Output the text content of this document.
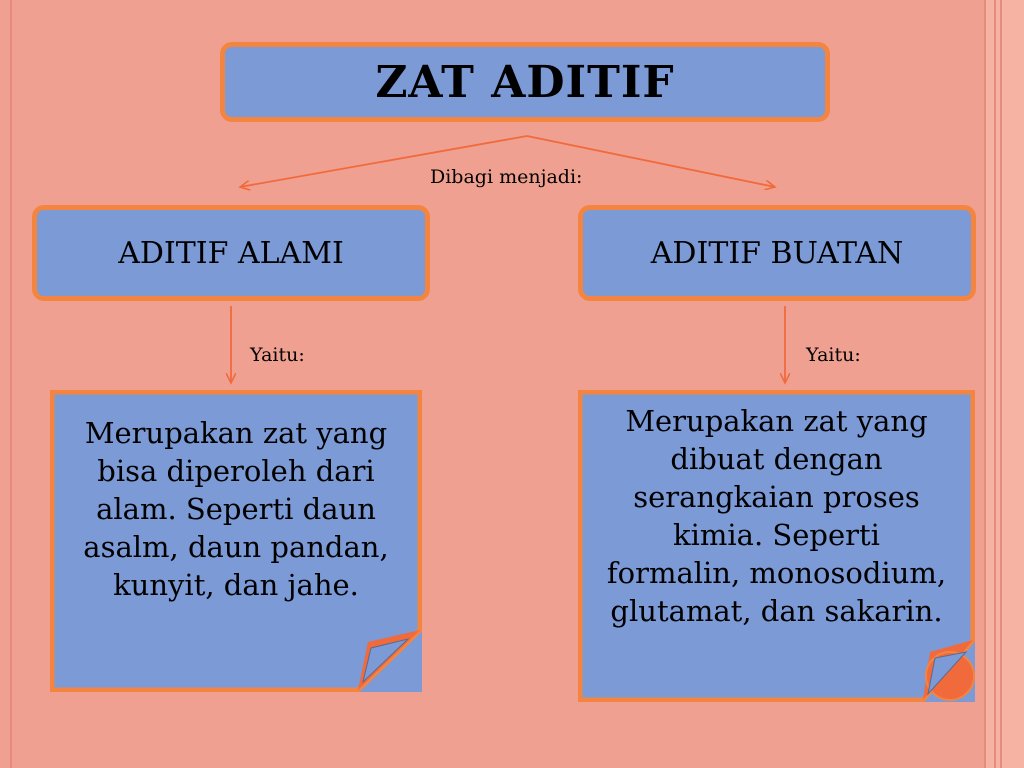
ZAT ADITIF
Dibagi menjadi:
ADITIF ALAMI	ADITIF BUATAN
Yaitu:	Yaitu:
Merupakan zat yang
bisa diperoleh dari
alam. Seperti daun
asalm, daun pandan,
kunyit, dan jahe.
Merupakan zat yang
dibuat dengan
serangkaian proses
kimia. Seperti
formalin, monosodium,
glutamat, dan sakarin.
